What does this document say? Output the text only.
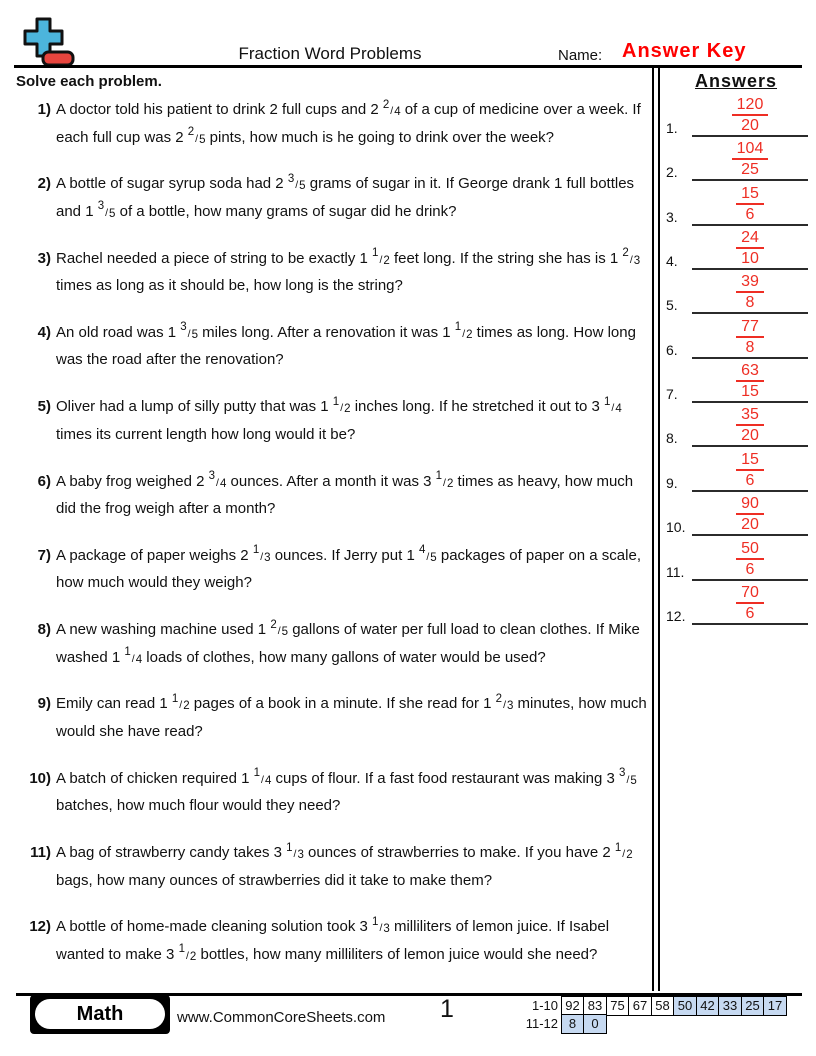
Fraction Word Problems	Name: Answer Key
Solve each problem.
1) A doctor told his patient to drink 2 full cups and 2 $^2$/4 of a cup of medicine over a week. If each full cup was 2 $^2$/5 pints, how much is he going to drink over the week?
2) A bottle of sugar syrup soda had 2 $^3$/5 grams of sugar in it. If George drank 1 full bottles and 1 $^3$/5 of a bottle, how many grams of sugar did he drink?
3) Rachel needed a piece of string to be exactly 1 $^1$/2 feet long. If the string she has is 1 $^2$/3 times as long as it should be, how long is the string?
4) An old road was 1 $^3$/5 miles long. After a renovation it was 1 $^1$/2 times as long. How long was the road after the renovation?
5) Oliver had a lump of silly putty that was 1 $^1$/2 inches long. If he stretched it out to 3 $^1$/4 times its current length how long would it be?
6) A baby frog weighed 2 $^3$/4 ounces. After a month it was 3 $^1$/2 times as heavy, how much did the frog weigh after a month?
7) A package of paper weighs 2 $^1$/3 ounces. If Jerry put 1 $^4$/5 packages of paper on a scale, how much would they weigh?
8) A new washing machine used 1 $^2$/5 gallons of water per full load to clean clothes. If Mike washed 1 $^1$/4 loads of clothes, how many gallons of water would be used?
9) Emily can read 1 $^1$/2 pages of a book in a minute. If she read for 1 $^2$/3 minutes, how much would she have read?
10) A batch of chicken required 1 $^1$/4 cups of flour. If a fast food restaurant was making 3 $^3$/5 batches, how much flour would they need?
11) A bag of strawberry candy takes 3 $^1$/3 ounces of strawberries to make. If you have 2 $^1$/2 bags, how many ounces of strawberries did it take to make them?
12) A bottle of home-made cleaning solution took 3 $^1$/3 milliliters of lemon juice. If Isabel wanted to make 3 $^1$/2 bottles, how many milliliters of lemon juice would she need?
Answers
1. $\frac{120}{20}$
2. $\frac{104}{25}$
3. $\frac{15}{6}$
4. $\frac{24}{10}$
5. $\frac{39}{8}$
6. $\frac{77}{8}$
7. $\frac{63}{15}$
8. $\frac{35}{20}$
9. $\frac{15}{6}$
10. $\frac{90}{20}$
11. $\frac{50}{6}$
12. $\frac{70}{6}$
Math	www.CommonCoreSheets.com	1	1-10 92 83 75 67 58 50 42 33 25 17
11-12 8	0
